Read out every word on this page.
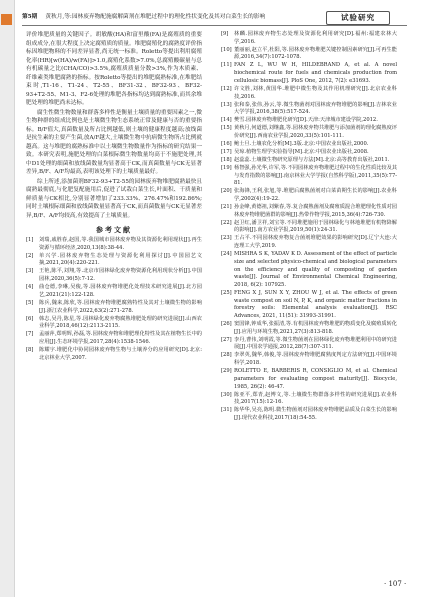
第5期 黄秋月,等:园林废弃物配施腐解菌剂在堆肥过程中的理化性状变化及其对白菜生长的影响	试验研究

评价堆肥质量的关键因子。胡敏酸(HA)和富里酸(FA)是腐殖质的重要组成成分,在很大程度上决定腐殖质的质量。堆肥腐殖化的腐熟度评价指标因堆肥物料的不同差异显著,尚无统一标准。Roletto等提出利用腐殖化率(HR)[w(HA)/w(FA)]>1.0,腐殖化系数>7.0%,总腐殖酸碳量与总有机碳量之比(CHA/CO)>3.5%,腐殖质质量分数>3%,作为木质素、纤维素类堆肥腐熟的指标。按Roletto等提出的堆肥腐熟标准,在堆肥结束时,T1-16、T1-24、T2-55、BF31-32、BF32-93、BF32-93+T2-55、M1-3、F2-6处理的堆肥各指标均达到腐熟标准,而其余堆肥处理的堆肥尚未达标。

腐生性微生物数量和群落多样性是衡量土壤质量的重要因素之一,微生物种群的组成比例也是土壤微生物生态系统正常及健康与否的重要指标。B/F值大,真菌数量及所占比例越低,则土壤的健康程度越高;放线菌是抗生素的主要产生菌,放A/F越大,土壤微生物中抗病微生物所占比例就越高。这与堆肥的腐熟标准中以土壤微生物数量作为指标的研究结果一致。本研究表明,施肥处理的白菜根际微生物数量均高于不施肥处理,其中D1处理的细菌和放线菌数量均显著高于CK,而真菌数量与CK无显著差异,B/F、A/F均最高,表明该处理下的土壤质量最好。

综上所述,添加菌剂BF32-93+T2-55的园林废弃物堆肥腐熟最快且腐熟最彻底,与化肥复配施用后,促进了试栽白菜生长,叶面积、干质量和鲜质量与CK相比,分别显著增加了233.33%、276.47%和192.86%;同时土壤根际细菌和放线菌数量显著高于CK,而真菌数量与CK无显著差异,B/F、A/F均较高,有效提高了土壤质量。

参考文献
[1]	刘瑞,戚胜春,赵国,等.我国城市园林废弃物及其资源化利用现状[J].再生资源与循环经济,2020,13(8):38-44.
[2]	单兴学.园林废弃物生态处理与资源化利用探讨[J].中国园艺文摘,2021,20(4):220-221.
[3]	王艳,陈平,刘翔,等.北京市园林绿化废弃物资源化利用现状分析[J].中国园林,2020,36(5):7-12.
[4]	曲仓德,李琳,吴俊,等.园林废弃物堆肥化处理技术研究进展[J].北方园艺,2021(21):122-128.
[5]	陈兵,魏来,陈欣,等.园林废弃物堆肥腐熟特性及其对土壤微生物的影响[J].浙江农业科学,2022,63(2):271-278.
[6]	韩志,吴丹,陈星,等.园林绿化废弃物腐熟堆肥处理的研究进展[J].山西农业科学,2018,46(12):2113-2115.
[7]	孟丽萍,郑明辉,孙磊,等.园林废弃物和堆肥理化特性及其在植物生长中的应用[J].生态环境学报,2017,28(4):1538-1546.
[8]	陈耀宇.堆肥化中协同园林废弃物生物与土壤养分的应用研究[D].北京:北京林业大学,2007.
[9]	林麟.园林废弃物生态处理及资源化利用研究[D].福州:福建农林大学,2016.
[10] 董丽丽,赵立平,杜阳,等.园林废弃物堆肥关键控制因素研究[J].可再生能源,2016,34(7):1072-1078.
[11] FAN Z L, WU W H, HILDEBRAND A, et al. A novel biochemical route for fuels and chemicals production from cellulosic biomass[J]. PloS One, 2012, 7(2): e31693.
[12] 许文胜,刘林,黄国华.堆肥中微生物及其作用机理研究[J].北京农业科技,2016.
[13] 张和泰,张伟,孙云,等.微生物菌剂对园林废弃物堆肥的影响[J].吉林农业大学学报,2016,38(5):517-524.
[14] 樊雪.园林废弃物堆肥化研究[D].天津:天津城市建设学院,2012.
[15] 黄秋月,何道德,刘继鑫,等.园林废弃物共堆肥与添加菌剂的理化腐熟度评价研究[J].西南农业学报,2020,33(5):101-111.
[16] 鲍士旦.土壤农化分析[M].3版.北京:中国农业出版社,2000.
[17] 吴琼.植物生理学实验指导[M].北京:中国农业出版社,2008.
[18] 赵蕊蕊.土壤微生物研究原理与方法[M].北京:高等教育出版社,2011.
[19] 杨智强,孙光华,许军,等.不同园林废弃物堆肥过程中的生化性质比较及其与发育指数的影响[J].南京林业大学学报(自然科学版),2011,35(5):77-81.
[20] 张海锋,王利,张旭,等.堆肥后腐熟菌剂对白菜苗期生长的影响[J].农业科学,2002(4):19-22.
[21] 孙金峰,黄德祖,刘紫春,等.复合腐熟菌剂及腐殖质混合堆肥理化性质对园林废弃物堆肥菌群的影响[J].热带作物学报,2015,36(4):726-730.
[22] 赵卫红,潘卫祥,刘宝等.不同堆肥施用于园林绿化与林地堆肥有机物降解的影响[J].南方农业学报,2019,50(1):24-31.
[23] 王占平.不同园林废弃物复合菌剂堆肥效果的影响研究[D].辽宁大连:大连理工大学,2019.
[24] MISHRA S K, YADAV K D. Assessment of the effect of particle size and selected physico-chemical and biological parameters on the efficiency and quality of composting of garden waste[J]. Journal of Environmental Chemical Engineering, 2018, 6(2): 107925.
[25] FENG X J, SUN X Y, ZHOU W J, et al. The effects of green waste compost on soil N, P, K, and organic matter fractions in forestry soils: Elemental analysis evaluation[J]. RSC Advances, 2021, 11(51): 31993-31991.
[26] 窦国锋,钟成华,张振清,等.有机园林废弃物堆肥的物质变化及腐殖质转化[J].应用与环境生物,2021,27(3):813-818.
[27] 李丹,曹伟,刘明霞,等.微生物菌剂在园林绿化废弃物堆肥利用中的研究进展[J].中国农学通报,2012,28(7):307-311.
[28] 李翠英,魏华,韩俊,等.园林废弃物堆肥腐熟度判定方法研究[J].中国环境科学,2018.
[29] ROLETTO E, BARBERIS R, CONSIGLIO M, et al. Chemical parameters for evaluating compost maturity[J]. Biocycle, 1985, 26(2): 46-47.
[30] 陈亚平,郑青,赵博文,等.土壤微生物群落多样性的研究进展[J].农业科技,2017(15):12-16.
[31] 陈华华,吴亮,陈明.微生物菌剂对园林废弃物堆肥品质及白菜生长的影响[J].现代农业科技,2017(18):54-55.
· 107 ·
